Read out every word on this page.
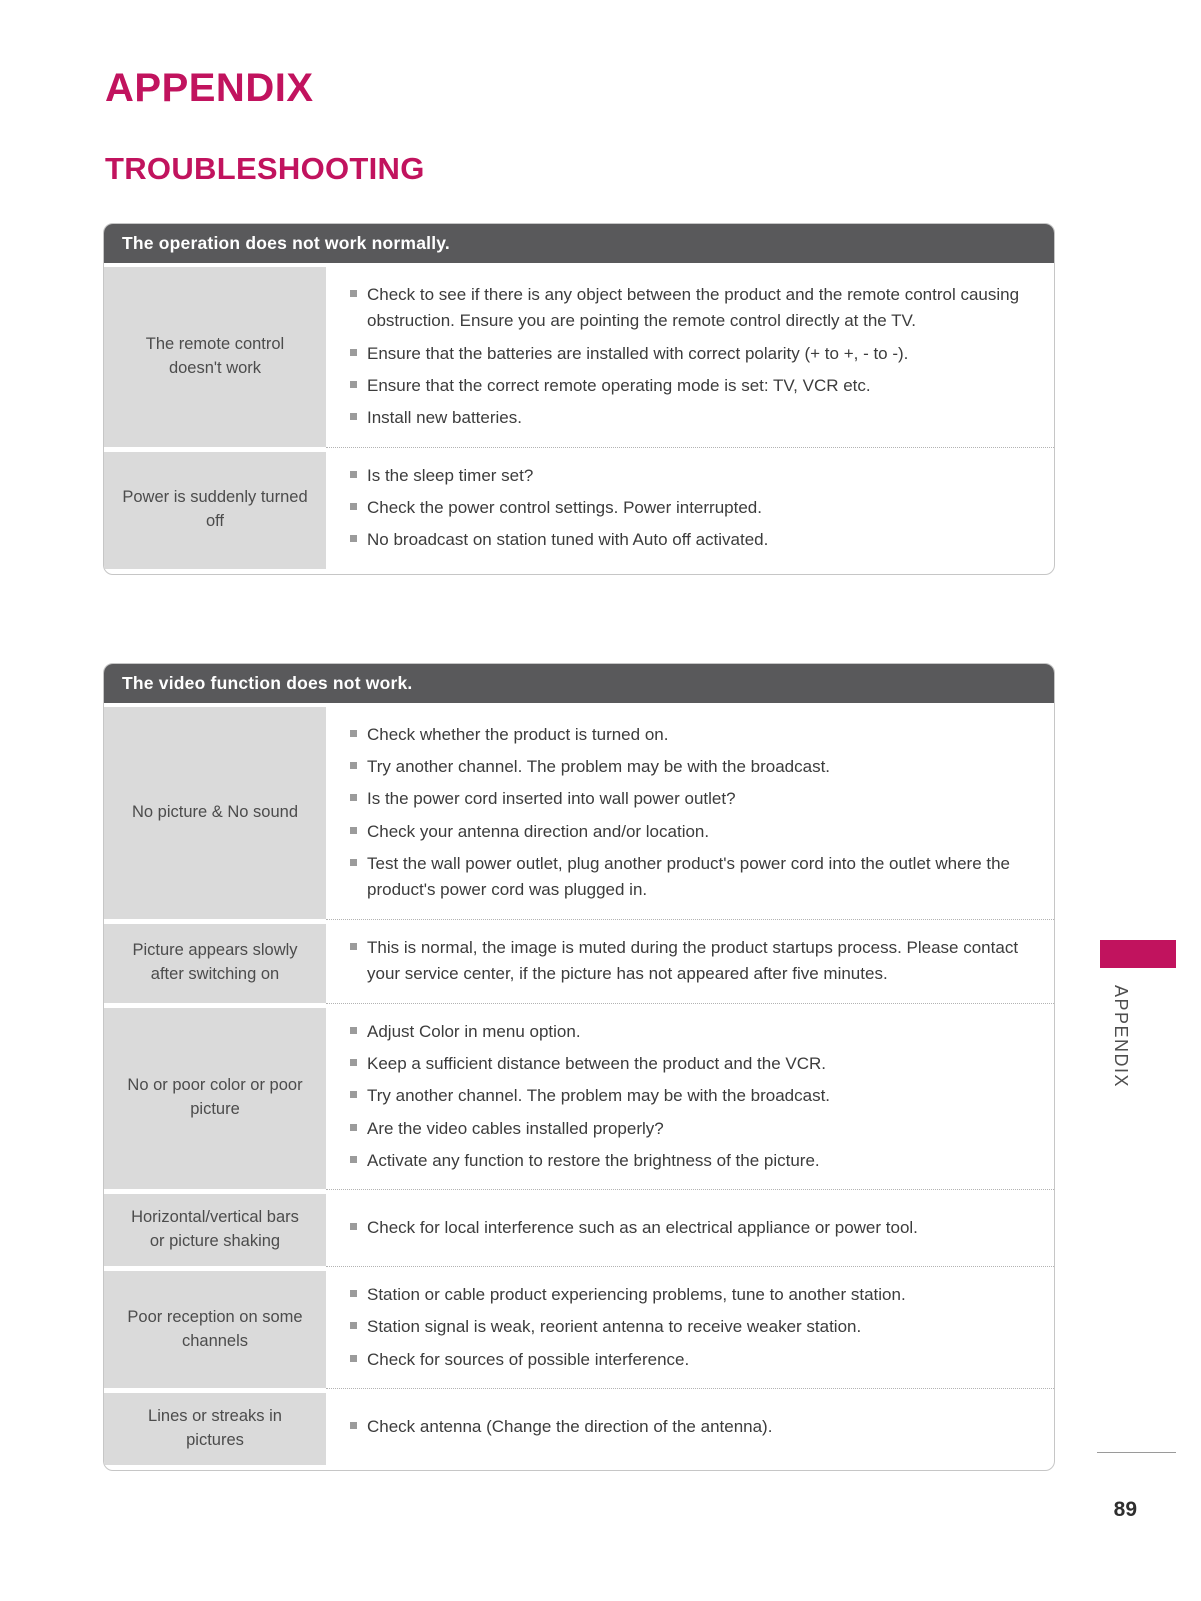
APPENDIX
TROUBLESHOOTING
The operation does not work normally.
The remote control doesn't work
Check to see if there is any object between the product and the remote control causing obstruction. Ensure you are pointing the remote control directly at the TV.
Ensure that the batteries are installed with correct polarity (+ to +, - to -).
Ensure that the correct remote operating mode is set: TV, VCR etc.
Install new batteries.
Power is suddenly turned off
Is the sleep timer set?
Check the power control settings. Power interrupted.
No broadcast on station tuned with Auto off activated.
The video function does not work.
No picture & No sound
Check whether the product is turned on.
Try another channel. The problem may be with the broadcast.
Is the power cord inserted into wall power outlet?
Check your antenna direction and/or location.
Test the wall power outlet, plug another product's power cord into the outlet where the product's power cord was plugged in.
Picture appears slowly after switching on
This is normal, the image is muted during the product startups process. Please contact your service center, if the picture has not appeared after five minutes.
No or poor color or poor picture
Adjust Color in menu option.
Keep a sufficient distance between the product and the VCR.
Try another channel. The problem may be with the broadcast.
Are the video cables installed properly?
Activate any function to restore the brightness of the picture.
Horizontal/vertical bars or picture shaking
Check for local interference such as an electrical appliance or power tool.
Poor reception on some channels
Station or cable product experiencing problems, tune to another station.
Station signal is weak, reorient antenna to receive weaker station.
Check for sources of possible interference.
Lines or streaks in pictures
Check antenna (Change the direction of the antenna).
APPENDIX
89
